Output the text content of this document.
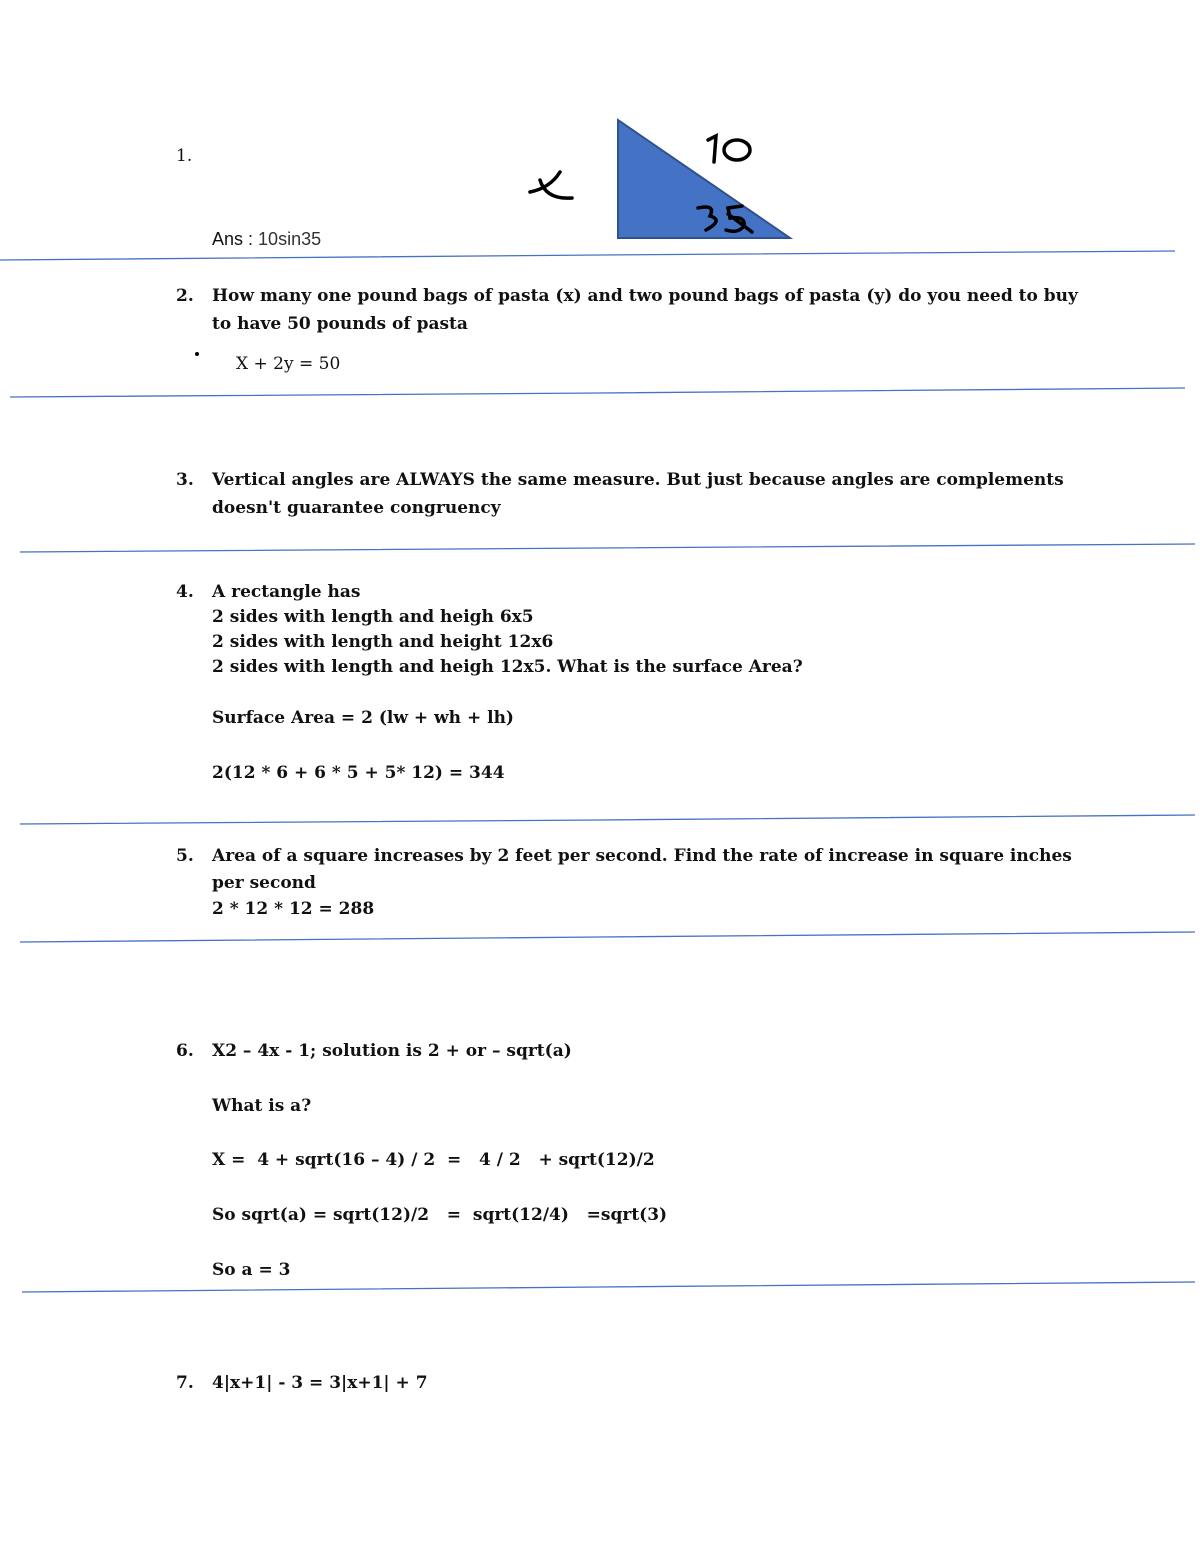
1.
Ans : 10sin35
2. How many one pound bags of pasta (x) and two pound bags of pasta (y) do you need to buy
to have 50 pounds of pasta
X + 2y = 50
3. Vertical angles are ALWAYS the same measure. But just because angles are complements
doesn't guarantee congruency
4. A rectangle has
2 sides with length and heigh 6x5
2 sides with length and height 12x6
2 sides with length and heigh 12x5. What is the surface Area?
Surface Area = 2 (lw + wh + lh)
2(12 * 6 + 6 * 5 + 5* 12) = 344
5. Area of a square increases by 2 feet per second. Find the rate of increase in square inches
per second
2 * 12 * 12 = 288
6. X2 – 4x - 1; solution is 2 + or – sqrt(a)
What is a?
X =  4 + sqrt(16 – 4) / 2  =   4 / 2   + sqrt(12)/2
So sqrt(a) = sqrt(12)/2   =  sqrt(12/4)   =sqrt(3)
So a = 3
7. 4|x+1| - 3 = 3|x+1| + 7
